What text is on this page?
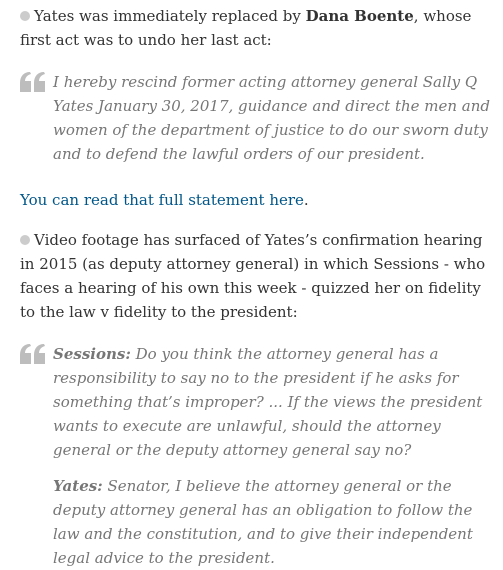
Yates was immediately replaced by Dana Boente, whose first act was to undo her last act:

I hereby rescind former acting attorney general Sally Q Yates January 30, 2017, guidance and direct the men and women of the department of justice to do our sworn duty and to defend the lawful orders of our president.

You can read that full statement here.

Video footage has surfaced of Yates’s confirmation hearing in 2015 (as deputy attorney general) in which Sessions - who faces a hearing of his own this week - quizzed her on fidelity to the law v fidelity to the president:

Sessions: Do you think the attorney general has a responsibility to say no to the president if he asks for something that’s improper? ... If the views the president wants to execute are unlawful, should the attorney general or the deputy attorney general say no?

Yates: Senator, I believe the attorney general or the deputy attorney general has an obligation to follow the law and the constitution, and to give their independent legal advice to the president.
